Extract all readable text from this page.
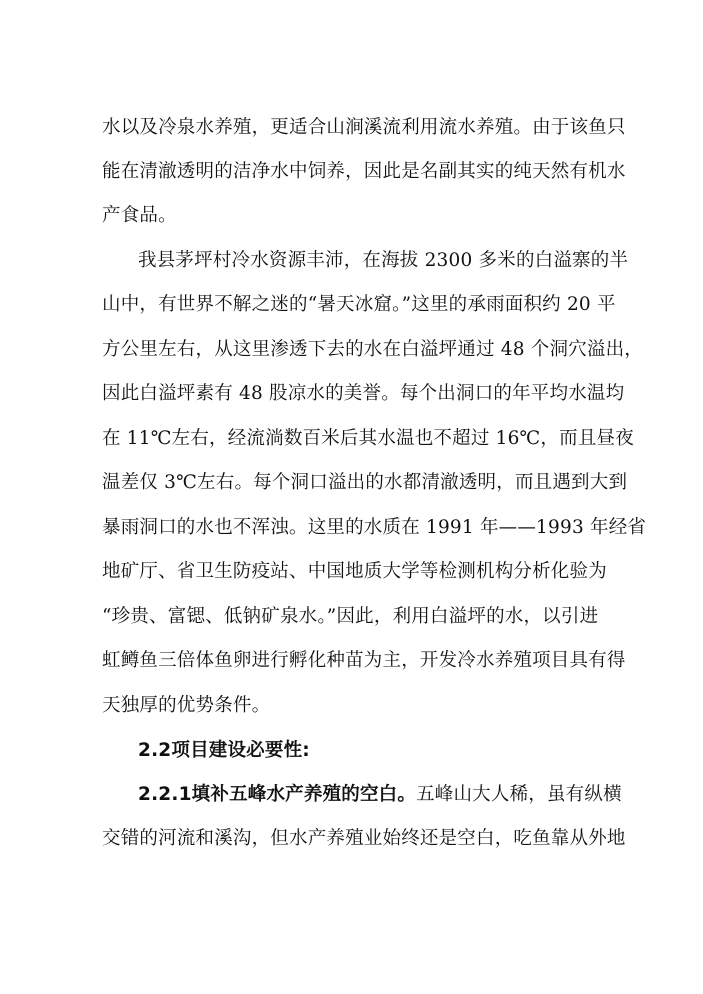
水以及冷泉水养殖，更适合山涧溪流利用流水养殖。由于该鱼只
能在清澈透明的洁净水中饲养，因此是名副其实的纯天然有机水
产食品。
我县茅坪村冷水资源丰沛，在海拔 2300 多米的白溢寨的半
山中，有世界不解之迷的“暑天冰窟。”这里的承雨面积约 20 平
方公里左右，从这里渗透下去的水在白溢坪通过 48 个洞穴溢出，
因此白溢坪素有 48 股凉水的美誉。每个出洞口的年平均水温均
在 11℃左右，经流淌数百米后其水温也不超过 16℃，而且昼夜
温差仅 3℃左右。每个洞口溢出的水都清澈透明，而且遇到大到
暴雨洞口的水也不浑浊。这里的水质在 1991 年——1993 年经省
地矿厅、省卫生防疫站、中国地质大学等检测机构分析化验为
“珍贵、富锶、低钠矿泉水。”因此，利用白溢坪的水，以引进
虹鳟鱼三倍体鱼卵进行孵化种苗为主，开发冷水养殖项目具有得
天独厚的优势条件。
2.2项目建设必要性:
2.2.1填补五峰水产养殖的空白。五峰山大人稀，虽有纵横
交错的河流和溪沟，但水产养殖业始终还是空白，吃鱼靠从外地
